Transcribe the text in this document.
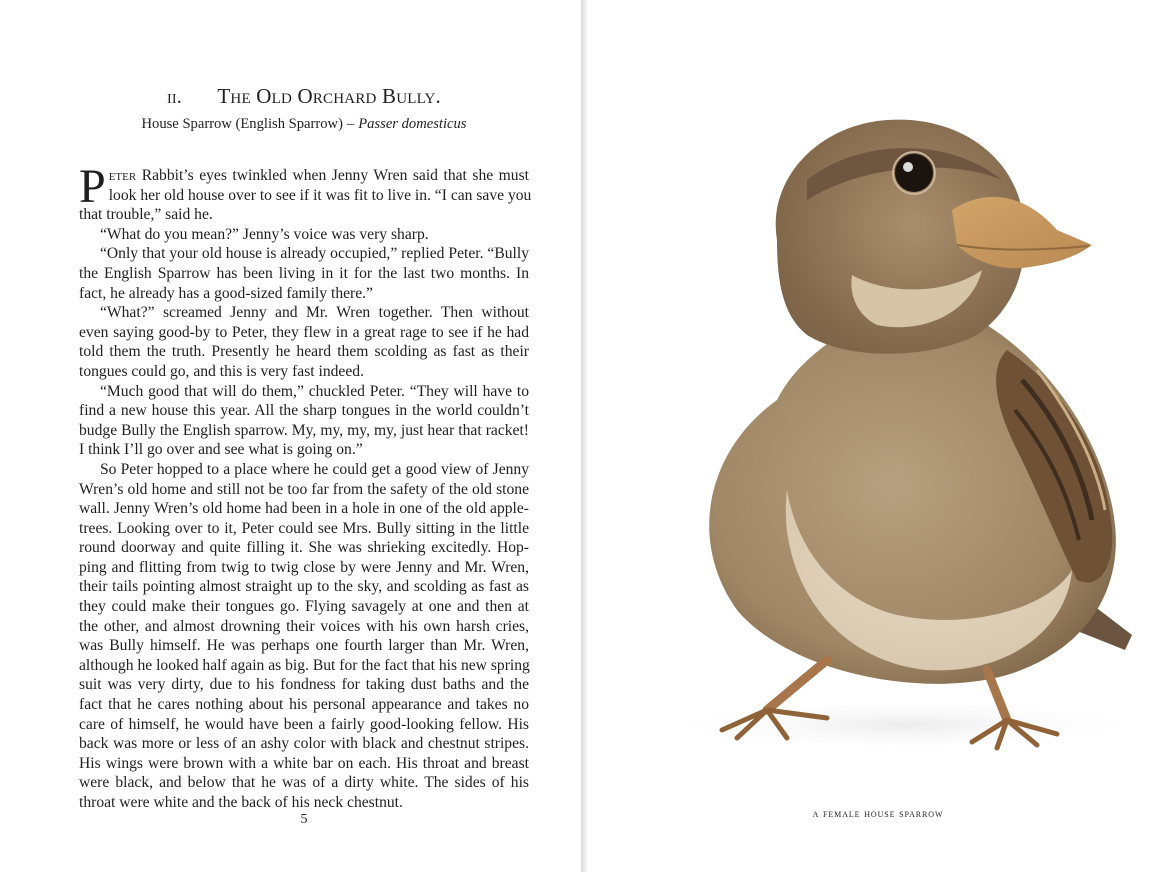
ii. The Old Orchard Bully.
House Sparrow (English Sparrow) – Passer domesticus
P eter Rabbit’s eyes twinkled when Jenny Wren said that she must
look her old house over to see if it was fit to live in. “I can save you
that trouble,” said he.
“What do you mean?” Jenny’s voice was very sharp.
“Only that your old house is already occupied,” replied Peter. “Bully
the English Sparrow has been living in it for the last two months. In
fact, he already has a good-sized family there.”
“What?” screamed Jenny and Mr. Wren together. Then without
even saying good-by to Peter, they flew in a great rage to see if he had
told them the truth. Presently he heard them scolding as fast as their
tongues could go, and this is very fast indeed.
“Much good that will do them,” chuckled Peter. “They will have to
find a new house this year. All the sharp tongues in the world couldn’t
budge Bully the English sparrow. My, my, my, my, just hear that racket!
I think I’ll go over and see what is going on.”
So Peter hopped to a place where he could get a good view of Jenny
Wren’s old home and still not be too far from the safety of the old stone
wall. Jenny Wren’s old home had been in a hole in one of the old apple-
trees. Looking over to it, Peter could see Mrs. Bully sitting in the little
round doorway and quite filling it. She was shrieking excitedly. Hop-
ping and flitting from twig to twig close by were Jenny and Mr. Wren,
their tails pointing almost straight up to the sky, and scolding as fast as
they could make their tongues go. Flying savagely at one and then at
the other, and almost drowning their voices with his own harsh cries,
was Bully himself. He was perhaps one fourth larger than Mr. Wren,
although he looked half again as big. But for the fact that his new spring
suit was very dirty, due to his fondness for taking dust baths and the
fact that he cares nothing about his personal appearance and takes no
care of himself, he would have been a fairly good-looking fellow. His
back was more or less of an ashy color with black and chestnut stripes.
His wings were brown with a white bar on each. His throat and breast
were black, and below that he was of a dirty white. The sides of his
throat were white and the back of his neck chestnut.
5	a female house sparrow
